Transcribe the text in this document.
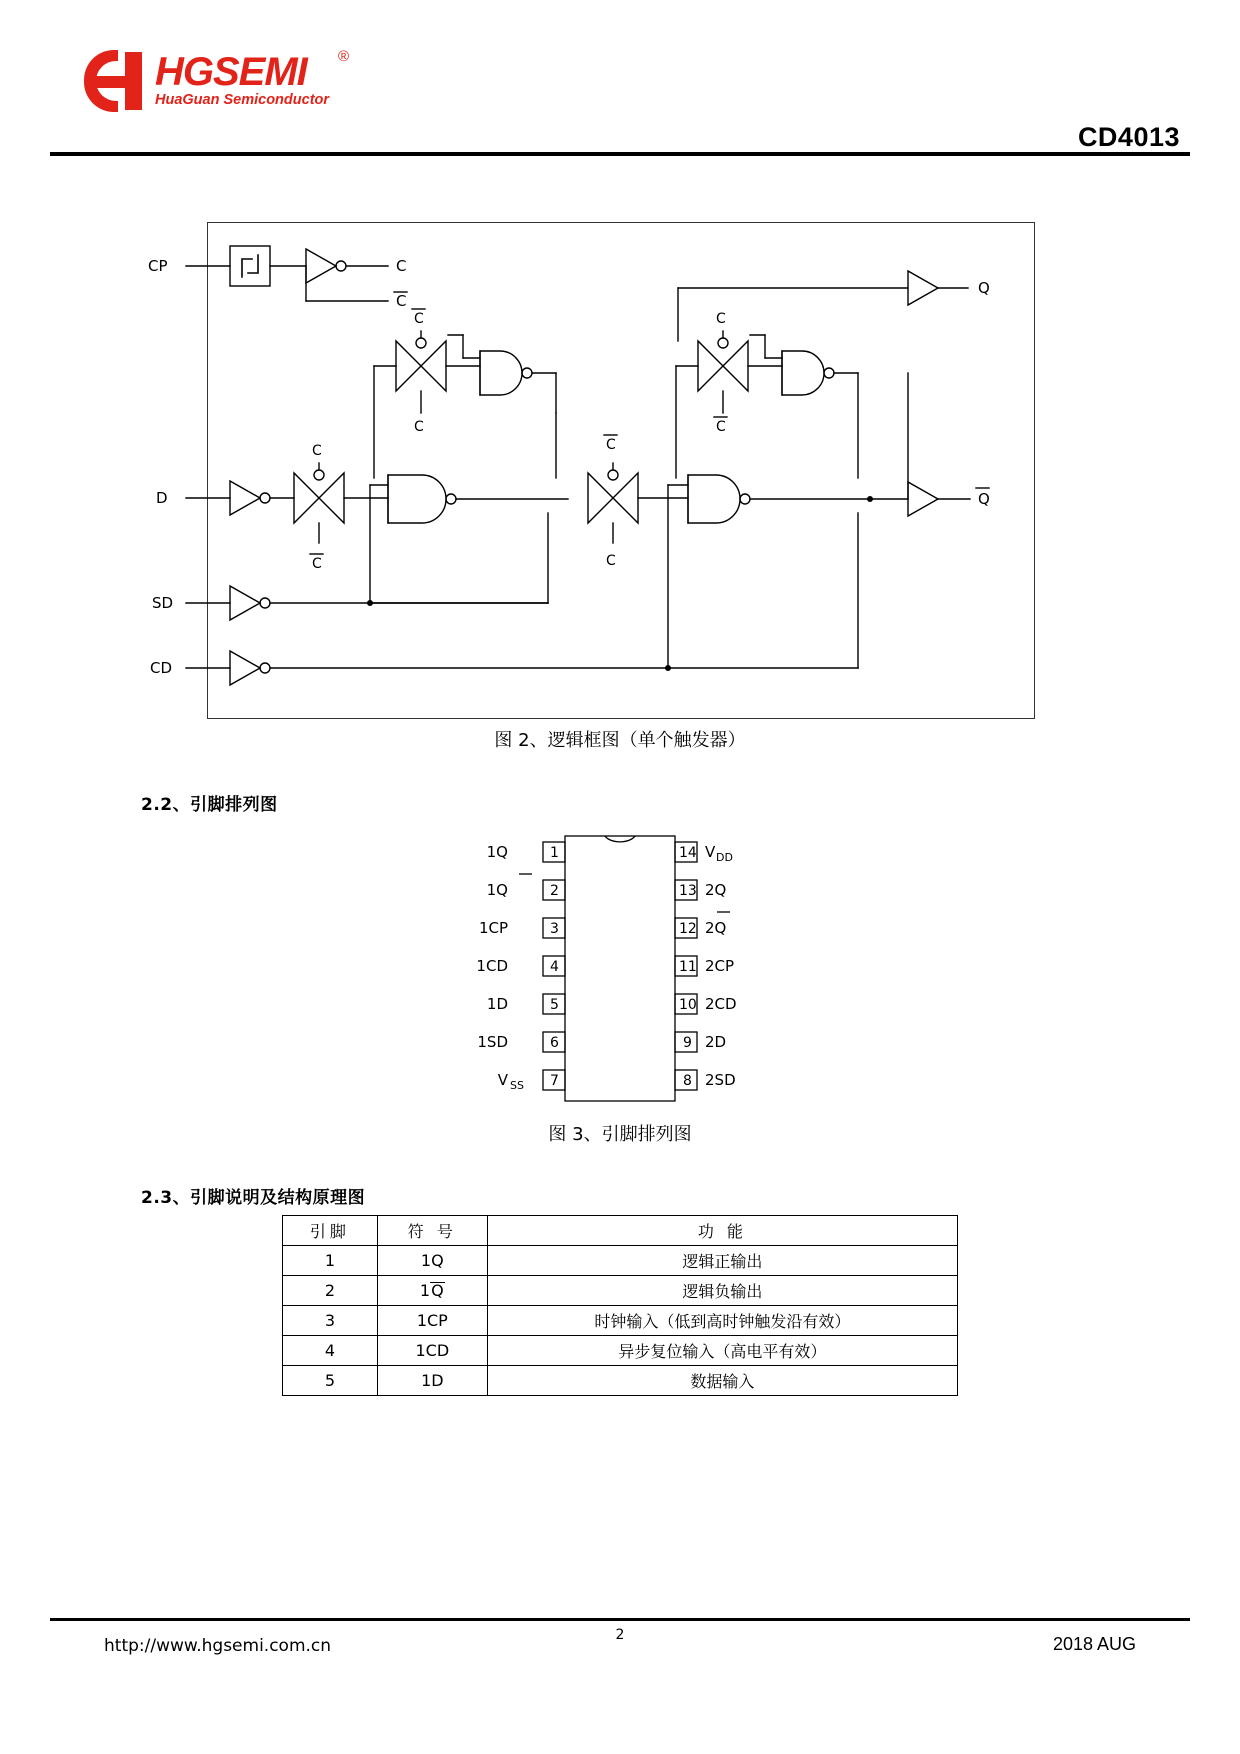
HGSEMI	®
HuaGuan Semiconductor
CD4013
CP	C
C
D
C
C
C
C
C
C
C
C
Q
Q
SD
CD
图 2、逻辑框图（单个触发器）
2.2、引脚排列图
1
2
3
4
5
6
7
14
13
12
11
10
9
8
1Q
1Q
1CP
1CD
1D
1SD
V SS
V DD
2Q
2Q
2CP
2CD
2D
2SD
图 3、引脚排列图
2.3、引脚说明及结构原理图
引脚	符 号	功 能
1	1Q	逻辑正输出
2	1Q	逻辑负输出
3	1CP	时钟输入（低到高时钟触发沿有效）
4	1CD	异步复位输入（高电平有效）
5	1D	数据输入
http://www.hgsemi.com.cn
2	2018 AUG
